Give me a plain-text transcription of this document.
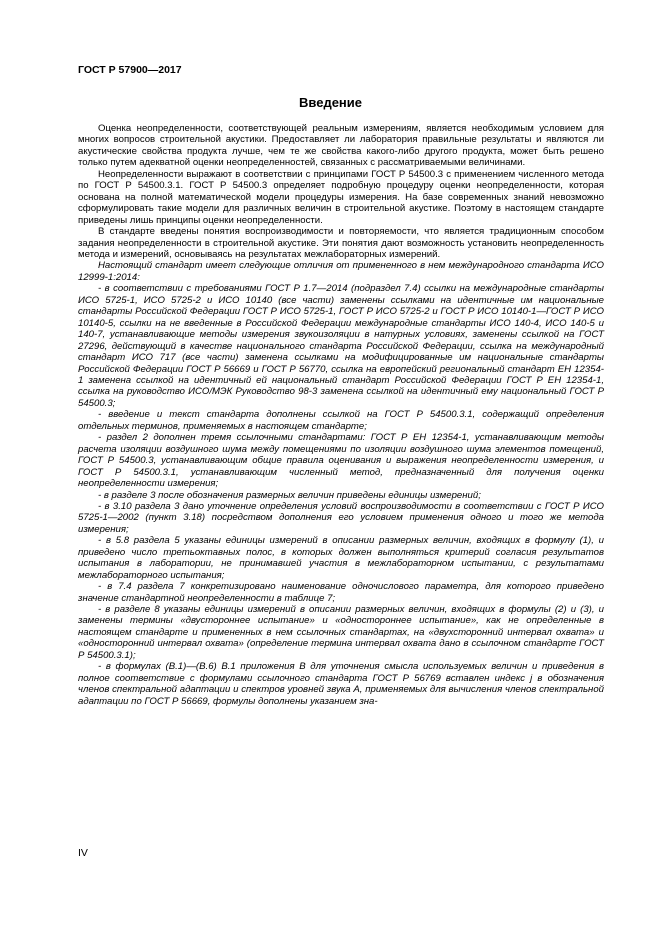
ГОСТ Р 57900—2017
Введение

Оценка неопределенности, соответствующей реальным измерениям, является необходимым условием для многих вопросов строительной акустики. Предоставляет ли лаборатория правильные результаты и являются ли акустические свойства продукта лучше, чем те же свойства какого-либо другого продукта, может быть решено только путем адекватной оценки неопределенностей, связанных с рассматриваемыми величинами.

Неопределенности выражают в соответствии с принципами ГОСТ Р 54500.3 с применением численного метода по ГОСТ Р 54500.3.1. ГОСТ Р 54500.3 определяет подробную процедуру оценки неопределенности, которая основана на полной математической модели процедуры измерения. На базе современных знаний невозможно сформулировать такие модели для различных величин в строительной акустике. Поэтому в настоящем стандарте приведены лишь принципы оценки неопределенности.

В стандарте введены понятия воспроизводимости и повторяемости, что является традиционным способом задания неопределенности в строительной акустике. Эти понятия дают возможность установить неопределенность метода и измерений, основываясь на результатах межлабораторных измерений.

Настоящий стандарт имеет следующие отличия от примененного в нем международного стандарта ИСО 12999-1:2014:

- в соответствии с требованиями ГОСТ Р 1.7—2014 (подраздел 7.4) ссылки на международные стандарты ИСО 5725-1, ИСО 5725-2 и ИСО 10140 (все части) заменены ссылками на идентичные им национальные стандарты Российской Федерации ГОСТ Р ИСО 5725-1, ГОСТ Р ИСО 5725-2 и ГОСТ Р ИСО 10140-1—ГОСТ Р ИСО 10140-5, ссылки на не введенные в Российской Федерации международные стандарты ИСО 140-4, ИСО 140-5 и 140-7, устанавливающие методы измерения звукоизоляции в натурных условиях, заменены ссылкой на ГОСТ 27296, действующий в качестве национального стандарта Российской Федерации, ссылка на международный стандарт ИСО 717 (все части) заменена ссылками на модифицированные им национальные стандарты Российской Федерации ГОСТ Р 56669 и ГОСТ Р 56770, ссылка на европейский региональный стандарт ЕН 12354-1 заменена ссылкой на идентичный ей национальный стандарт Российской Федерации ГОСТ Р ЕН 12354-1, ссылка на руководство ИСО/МЭК Руководство 98-3 заменена ссылкой на идентичный ему национальный ГОСТ Р 54500.3;

- введение и текст стандарта дополнены ссылкой на ГОСТ Р 54500.3.1, содержащий определения отдельных терминов, применяемых в настоящем стандарте;

- раздел 2 дополнен тремя ссылочными стандартами: ГОСТ Р ЕН 12354-1, устанавливающим методы расчета изоляции воздушного шума между помещениями по изоляции воздушного шума элементов помещений, ГОСТ Р 54500.3, устанавливающим общие правила оценивания и выражения неопределенности измерения, и ГОСТ Р 54500.3.1, устанавливающим численный метод, предназначенный для получения оценки неопределенности измерения;

- в разделе 3 после обозначения размерных величин приведены единицы измерений;

- в 3.10 раздела 3 дано уточнение определения условий воспроизводимости в соответствии с ГОСТ Р ИСО 5725-1—2002 (пункт 3.18) посредством дополнения его условием применения одного и того же метода измерения;

- в 5.8 раздела 5 указаны единицы измерений в описании размерных величин, входящих в формулу (1), и приведено число третьоктавных полос, в которых должен выполняться критерий согласия результатов испытания в лаборатории, не принимавшей участия в межлабораторном испытании, с результатами межлабораторного испытания;

- в 7.4 раздела 7 конкретизировано наименование одночислового параметра, для которого приведено значение стандартной неопределенности в таблице 7;

- в разделе 8 указаны единицы измерений в описании размерных величин, входящих в формулы (2) и (3), и заменены термины «двустороннее испытание» и «одностороннее испытание», как не определенные в настоящем стандарте и примененных в нем ссылочных стандартах, на «двухсторонний интервал охвата» и «односторонний интервал охвата» (определение термина интервал охвата дано в ссылочном стандарте ГОСТ Р 54500.3.1);

- в формулах (В.1)—(В.6) В.1 приложения В для уточнения смысла используемых величин и приведения в полное соответствие с формулами ссылочного стандарта ГОСТ Р 56769 вставлен индекс j в обозначения членов спектральной адаптации и спектров уровней звука А, применяемых для вычисления членов спектральной адаптации по ГОСТ Р 56669, формулы дополнены указанием зна-

IV
